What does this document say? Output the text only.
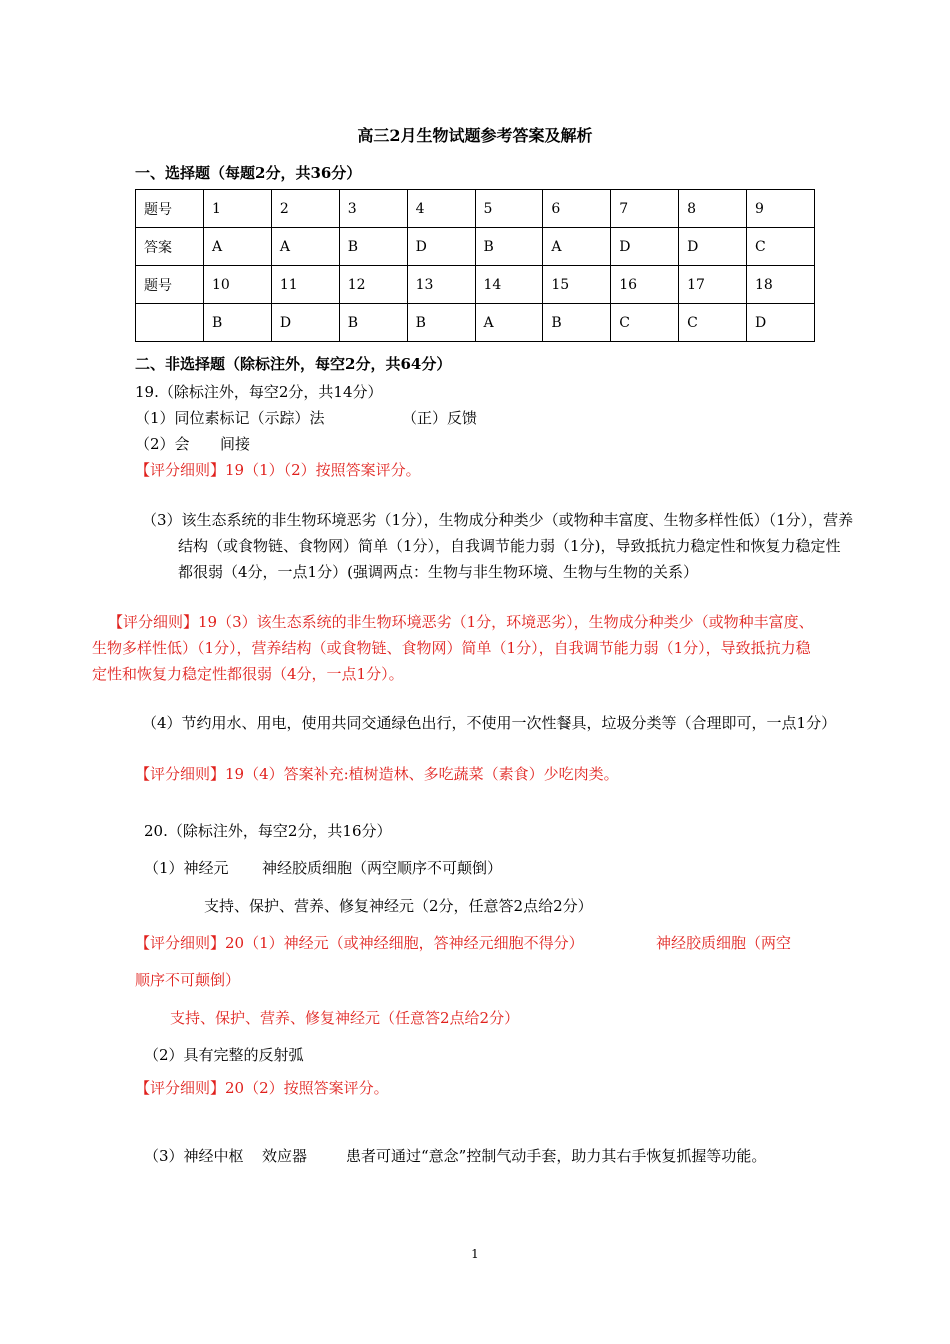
高三2月生物试题参考答案及解析
一、选择题（每题2分，共36分）
题号	1	2	3	4	5	6	7	8	9
答案	A	A	B	D	B	A	D	D	C
题号	10	11	12	13	14	15	16	17	18
	B	D	B	B	A	B	C	C	D
二、非选择题（除标注外，每空2分，共64分）
19.（除标注外，每空2分，共14分）
（1）同位素标记（示踪）法	（正）反馈
（2）会 间接
【评分细则】19（1）（2）按照答案评分。
（3）该生态系统的非生物环境恶劣（1分），生物成分种类少（或物种丰富度、生物多样性低）（1分），营养结构（或食物链、食物网）简单（1分），自我调节能力弱（1分)，导致抵抗力稳定性和恢复力稳定性都很弱（4分，一点1分）(强调两点：生物与非生物环境、生物与生物的关系）
【评分细则】19（3）该生态系统的非生物环境恶劣（1分，环境恶劣），生物成分种类少（或物种丰富度、生物多样性低）（1分），营养结构（或食物链、食物网）简单（1分），自我调节能力弱（1分），导致抵抗力稳定性和恢复力稳定性都很弱（4分，一点1分）。
（4）节约用水、用电，使用共同交通绿色出行，不使用一次性餐具，垃圾分类等（合理即可，一点1分）
【评分细则】19（4）答案补充:植树造林、多吃蔬菜（素食）少吃肉类。
20.（除标注外，每空2分，共16分）
（1）神经元 神经胶质细胞（两空顺序不可颠倒）
支持、保护、营养、修复神经元（2分，任意答2点给2分）
【评分细则】20（1）神经元（或神经细胞，答神经元细胞不得分）	神经胶质细胞（两空
顺序不可颠倒）
支持、保护、营养、修复神经元（任意答2点给2分）
（2）具有完整的反射弧
【评分细则】20（2）按照答案评分。
（3）神经中枢 效应器	患者可通过“意念”控制气动手套，助力其右手恢复抓握等功能。
1
